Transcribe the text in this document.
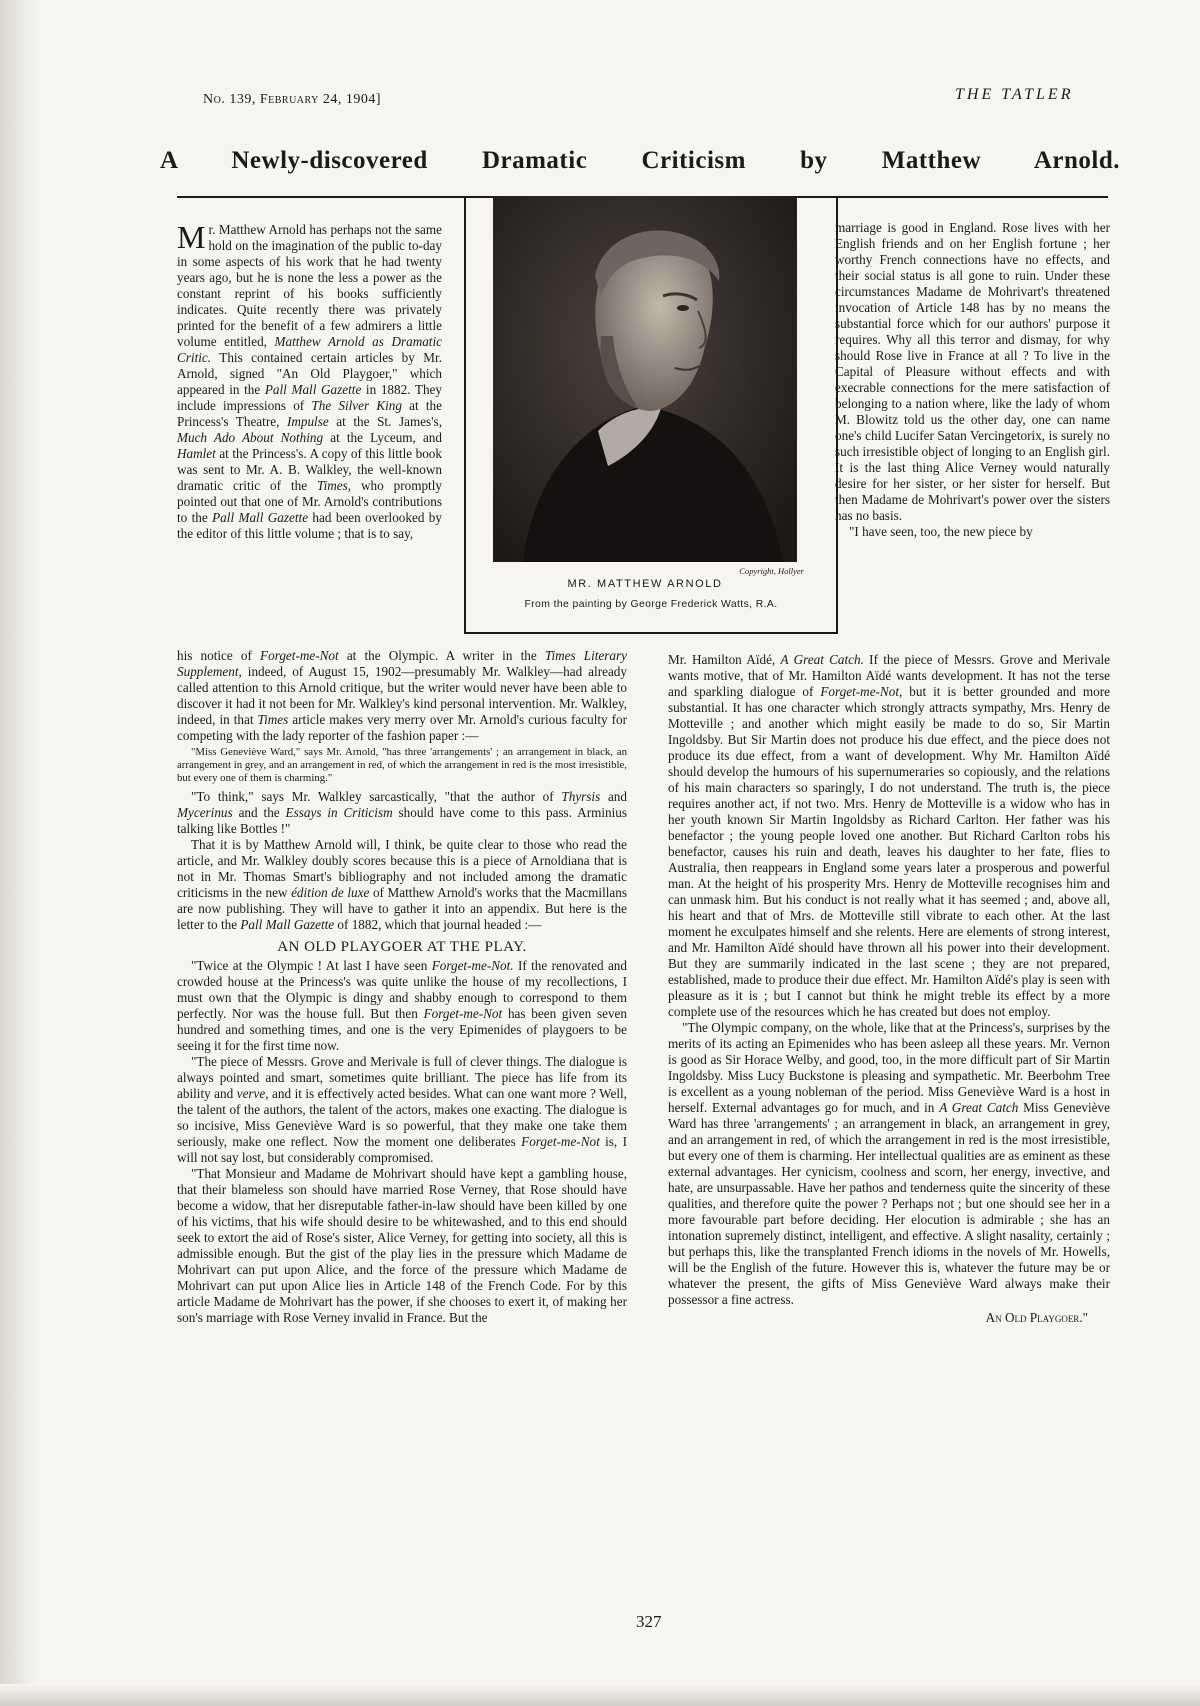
No. 139, February 24, 1904]	THE TATLER
A Newly-discovered Dramatic Criticism by Matthew Arnold.
Copyright, Hollyer
MR. MATTHEW ARNOLD
From the painting by George Frederick Watts, R.A.

Mr. Matthew Arnold has perhaps not the same hold on the imagination of the public to-day in some aspects of his work that he had twenty years ago, but he is none the less a power as the constant reprint of his books sufficiently indicates. Quite recently there was privately printed for the benefit of a few admirers a little volume entitled, Matthew Arnold as Dramatic Critic. This contained certain articles by Mr. Arnold, signed "An Old Playgoer," which appeared in the Pall Mall Gazette in 1882. They include impressions of The Silver King at the Princess's Theatre, Impulse at the St. James's, Much Ado About Nothing at the Lyceum, and Hamlet at the Princess's. A copy of this little book was sent to Mr. A. B. Walkley, the well-known dramatic critic of the Times, who promptly pointed out that one of Mr. Arnold's contributions to the Pall Mall Gazette had been overlooked by the editor of this little volume ; that is to say,

his notice of Forget-me-Not at the Olympic. A writer in the Times Literary Supplement, indeed, of August 15, 1902—presumably Mr. Walkley—had already called attention to this Arnold critique, but the writer would never have been able to discover it had it not been for Mr. Walkley's kind personal intervention. Mr. Walkley, indeed, in that Times article makes very merry over Mr. Arnold's curious faculty for competing with the lady reporter of the fashion paper :—

"Miss Geneviève Ward," says Mr. Arnold, "has three 'arrangements' ; an arrangement in black, an arrangement in grey, and an arrangement in red, of which the arrangement in red is the most irresistible, but every one of them is charming."

"To think," says Mr. Walkley sarcastically, "that the author of Thyrsis and Mycerinus and the Essays in Criticism should have come to this pass. Arminius talking like Bottles !"

That it is by Matthew Arnold will, I think, be quite clear to those who read the article, and Mr. Walkley doubly scores because this is a piece of Arnoldiana that is not in Mr. Thomas Smart's bibliography and not included among the dramatic criticisms in the new édition de luxe of Matthew Arnold's works that the Macmillans are now publishing. They will have to gather it into an appendix. But here is the letter to the Pall Mall Gazette of 1882, which that journal headed :—

AN OLD PLAYGOER AT THE PLAY.

"Twice at the Olympic ! At last I have seen Forget-me-Not. If the renovated and crowded house at the Princess's was quite unlike the house of my recollections, I must own that the Olympic is dingy and shabby enough to correspond to them perfectly. Nor was the house full. But then Forget-me-Not has been given seven hundred and something times, and one is the very Epimenides of playgoers to be seeing it for the first time now.

"The piece of Messrs. Grove and Merivale is full of clever things. The dialogue is always pointed and smart, sometimes quite brilliant. The piece has life from its ability and verve, and it is effectively acted besides. What can one want more ? Well, the talent of the authors, the talent of the actors, makes one exacting. The dialogue is so incisive, Miss Geneviève Ward is so powerful, that they make one take them seriously, make one reflect. Now the moment one deliberates Forget-me-Not is, I will not say lost, but considerably compromised.

"That Monsieur and Madame de Mohrivart should have kept a gambling house, that their blameless son should have married Rose Verney, that Rose should have become a widow, that her disreputable father-in-law should have been killed by one of his victims, that his wife should desire to be whitewashed, and to this end should seek to extort the aid of Rose's sister, Alice Verney, for getting into society, all this is admissible enough. But the gist of the play lies in the pressure which Madame de Mohrivart can put upon Alice, and the force of the pressure which Madame de Mohrivart can put upon Alice lies in Article 148 of the French Code. For by this article Madame de Mohrivart has the power, if she chooses to exert it, of making her son's marriage with Rose Verney invalid in France. But the

marriage is good in England. Rose lives with her English friends and on her English fortune ; her worthy French connections have no effects, and their social status is all gone to ruin. Under these circumstances Madame de Mohrivart's threatened invocation of Article 148 has by no means the substantial force which for our authors' purpose it requires. Why all this terror and dismay, for why should Rose live in France at all ? To live in the Capital of Pleasure without effects and with execrable connections for the mere satisfaction of belonging to a nation where, like the lady of whom M. Blowitz told us the other day, one can name one's child Lucifer Satan Vercingetorix, is surely no such irresistible object of longing to an English girl. It is the last thing Alice Verney would naturally desire for her sister, or her sister for herself. But then Madame de Mohrivart's power over the sisters has no basis.

"I have seen, too, the new piece by

Mr. Hamilton Aïdé, A Great Catch. If the piece of Messrs. Grove and Merivale wants motive, that of Mr. Hamilton Aïdé wants development. It has not the terse and sparkling dialogue of Forget-me-Not, but it is better grounded and more substantial. It has one character which strongly attracts sympathy, Mrs. Henry de Motteville ; and another which might easily be made to do so, Sir Martin Ingoldsby. But Sir Martin does not produce his due effect, and the piece does not produce its due effect, from a want of development. Why Mr. Hamilton Aïdé should develop the humours of his supernumeraries so copiously, and the relations of his main characters so sparingly, I do not understand. The truth is, the piece requires another act, if not two. Mrs. Henry de Motteville is a widow who has in her youth known Sir Martin Ingoldsby as Richard Carlton. Her father was his benefactor ; the young people loved one another. But Richard Carlton robs his benefactor, causes his ruin and death, leaves his daughter to her fate, flies to Australia, then reappears in England some years later a prosperous and powerful man. At the height of his prosperity Mrs. Henry de Motteville recognises him and can unmask him. But his conduct is not really what it has seemed ; and, above all, his heart and that of Mrs. de Motteville still vibrate to each other. At the last moment he exculpates himself and she relents. Here are elements of strong interest, and Mr. Hamilton Aïdé should have thrown all his power into their development. But they are summarily indicated in the last scene ; they are not prepared, established, made to produce their due effect. Mr. Hamilton Aïdé's play is seen with pleasure as it is ; but I cannot but think he might treble its effect by a more complete use of the resources which he has created but does not employ.

"The Olympic company, on the whole, like that at the Princess's, surprises by the merits of its acting an Epimenides who has been asleep all these years. Mr. Vernon is good as Sir Horace Welby, and good, too, in the more difficult part of Sir Martin Ingoldsby. Miss Lucy Buckstone is pleasing and sympathetic. Mr. Beerbohm Tree is excellent as a young nobleman of the period. Miss Geneviève Ward is a host in herself. External advantages go for much, and in A Great Catch Miss Geneviève Ward has three 'arrangements' ; an arrangement in black, an arrangement in grey, and an arrangement in red, of which the arrangement in red is the most irresistible, but every one of them is charming. Her intellectual qualities are as eminent as these external advantages. Her cynicism, coolness and scorn, her energy, invective, and hate, are unsurpassable. Have her pathos and tenderness quite the sincerity of these qualities, and therefore quite the power ? Perhaps not ; but one should see her in a more favourable part before deciding. Her elocution is admirable ; she has an intonation supremely distinct, intelligent, and effective. A slight nasality, certainly ; but perhaps this, like the transplanted French idioms in the novels of Mr. Howells, will be the English of the future. However this is, whatever the future may be or whatever the present, the gifts of Miss Geneviève Ward always make their possessor a fine actress.

An Old Playgoer."
327
